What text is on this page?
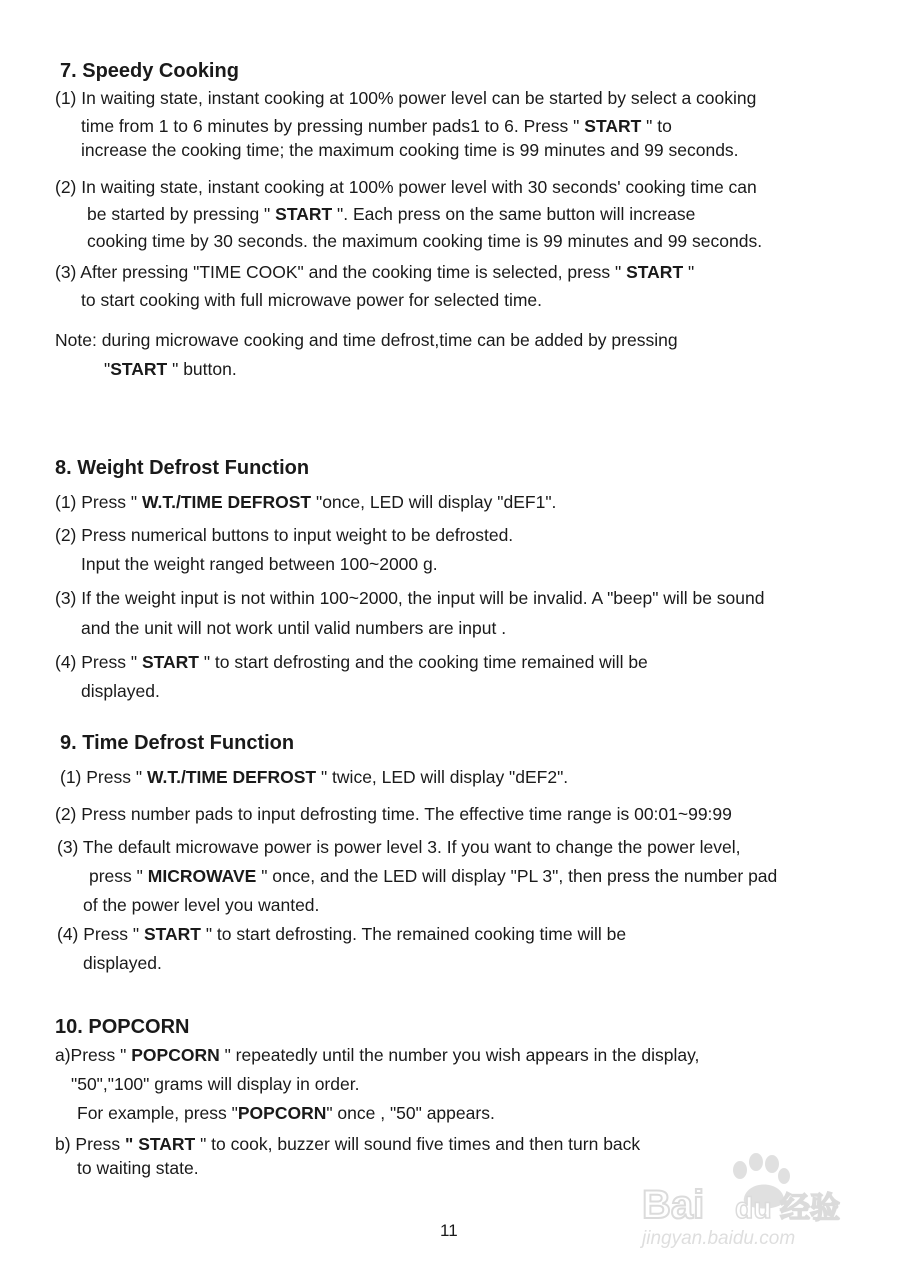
7. Speedy Cooking
(1) In waiting state, instant cooking at 100% power level can be started by select a cooking
time from 1 to 6 minutes by pressing number pads1 to 6. Press " START " to
increase the cooking time; the maximum cooking time is 99 minutes and 99 seconds.
(2) In waiting state, instant cooking at 100% power level with 30 seconds' cooking time can
be started by pressing " START ". Each press on the same button will increase
cooking time by 30 seconds. the maximum cooking time is 99 minutes and 99 seconds.
(3) After pressing "TIME COOK" and the cooking time is selected, press " START "
to start cooking with full microwave power for selected time.
Note: during microwave cooking and time defrost,time can be added by pressing
"START " button.
8. Weight Defrost Function
(1) Press " W.T./TIME DEFROST "once, LED will display "dEF1".
(2) Press numerical buttons to input weight to be defrosted.
Input the weight ranged between 100~2000 g.
(3) If the weight input is not within 100~2000, the input will be invalid. A "beep" will be sound
and the unit will not work until valid numbers are input .
(4) Press " START " to start defrosting and the cooking time remained will be
displayed.
9. Time Defrost Function
(1) Press " W.T./TIME DEFROST " twice, LED will display "dEF2".
(2) Press number pads to input defrosting time. The effective time range is 00:01~99:99
(3) The default microwave power is power level 3. If you want to change the power level,
press " MICROWAVE " once, and the LED will display "PL 3", then press the number pad
of the power level you wanted.
(4) Press " START " to start defrosting. The remained cooking time will be
displayed.
10. POPCORN
a)Press " POPCORN " repeatedly until the number you wish appears in the display,
"50","100" grams will display in order.
For example, press "POPCORN" once , "50" appears.
b) Press " START " to cook, buzzer will sound five times and then turn back
to waiting state.
11
Bai du 经验
jingyan.baidu.com
